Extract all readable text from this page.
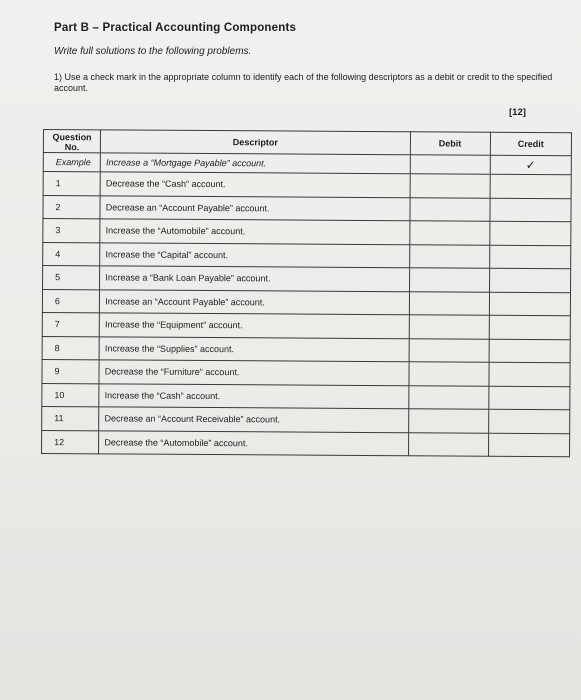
Part B – Practical Accounting Components
Write full solutions to the following problems.
1) Use a check mark in the appropriate column to identify each of the following descriptors as a debit or credit to the specified account.
[12]
Question No.	Descriptor	Debit	Credit
Example	Increase a “Mortgage Payable” account.		✓
1	Decrease the “Cash” account.		
2	Decrease an “Account Payable” account.		
3	Increase the “Automobile” account.		
4	Increase the “Capital” account.		
5	Increase a “Bank Loan Payable” account.		
6	Increase an “Account Payable” account.		
7	Increase the “Equipment” account.		
8	Increase the “Supplies” account.		
9	Decrease the “Furniture” account.		
10	Increase the “Cash” account.		
11	Decrease an “Account Receivable” account.		
12	Decrease the “Automobile” account.		
